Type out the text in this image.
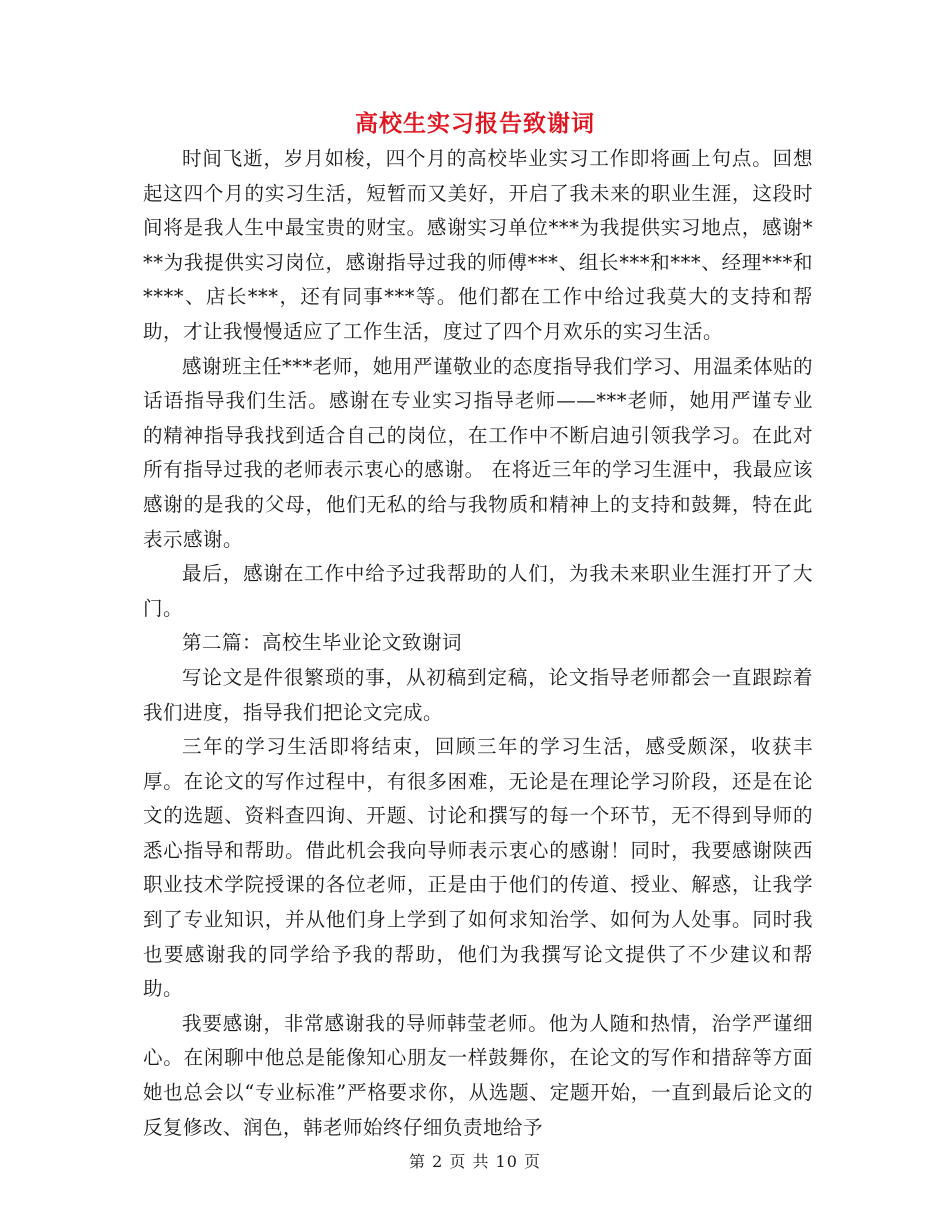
高校生实习报告致谢词

时间飞逝，岁月如梭，四个月的高校毕业实习工作即将画上句点。回想起这四个月的实习生活，短暂而又美好，开启了我未来的职业生涯，这段时间将是我人生中最宝贵的财宝。感谢实习单位***为我提供实习地点，感谢***为我提供实习岗位，感谢指导过我的师傅***、组长***和***、经理***和****、店长***，还有同事***等。他们都在工作中给过我莫大的支持和帮助，才让我慢慢适应了工作生活，度过了四个月欢乐的实习生活。

感谢班主任***老师，她用严谨敬业的态度指导我们学习、用温柔体贴的话语指导我们生活。感谢在专业实习指导老师——***老师，她用严谨专业的精神指导我找到适合自己的岗位，在工作中不断启迪引领我学习。在此对所有指导过我的老师表示衷心的感谢。 在将近三年的学习生涯中，我最应该感谢的是我的父母，他们无私的给与我物质和精神上的支持和鼓舞，特在此表示感谢。

最后，感谢在工作中给予过我帮助的人们，为我未来职业生涯打开了大门。

第二篇：高校生毕业论文致谢词

写论文是件很繁琐的事，从初稿到定稿，论文指导老师都会一直跟踪着我们进度，指导我们把论文完成。

三年的学习生活即将结束，回顾三年的学习生活，感受颇深，收获丰厚。在论文的写作过程中，有很多困难，无论是在理论学习阶段，还是在论文的选题、资料查四询、开题、讨论和撰写的每一个环节，无不得到导师的悉心指导和帮助。借此机会我向导师表示衷心的感谢！同时，我要感谢陕西职业技术学院授课的各位老师，正是由于他们的传道、授业、解惑，让我学到了专业知识，并从他们身上学到了如何求知治学、如何为人处事。同时我也要感谢我的同学给予我的帮助，他们为我撰写论文提供了不少建议和帮助。

我要感谢，非常感谢我的导师韩莹老师。他为人随和热情，治学严谨细心。在闲聊中他总是能像知心朋友一样鼓舞你，在论文的写作和措辞等方面她也总会以“专业标准”严格要求你，从选题、定题开始，一直到最后论文的反复修改、润色，韩老师始终仔细负责地给予

第 2 页 共 10 页
